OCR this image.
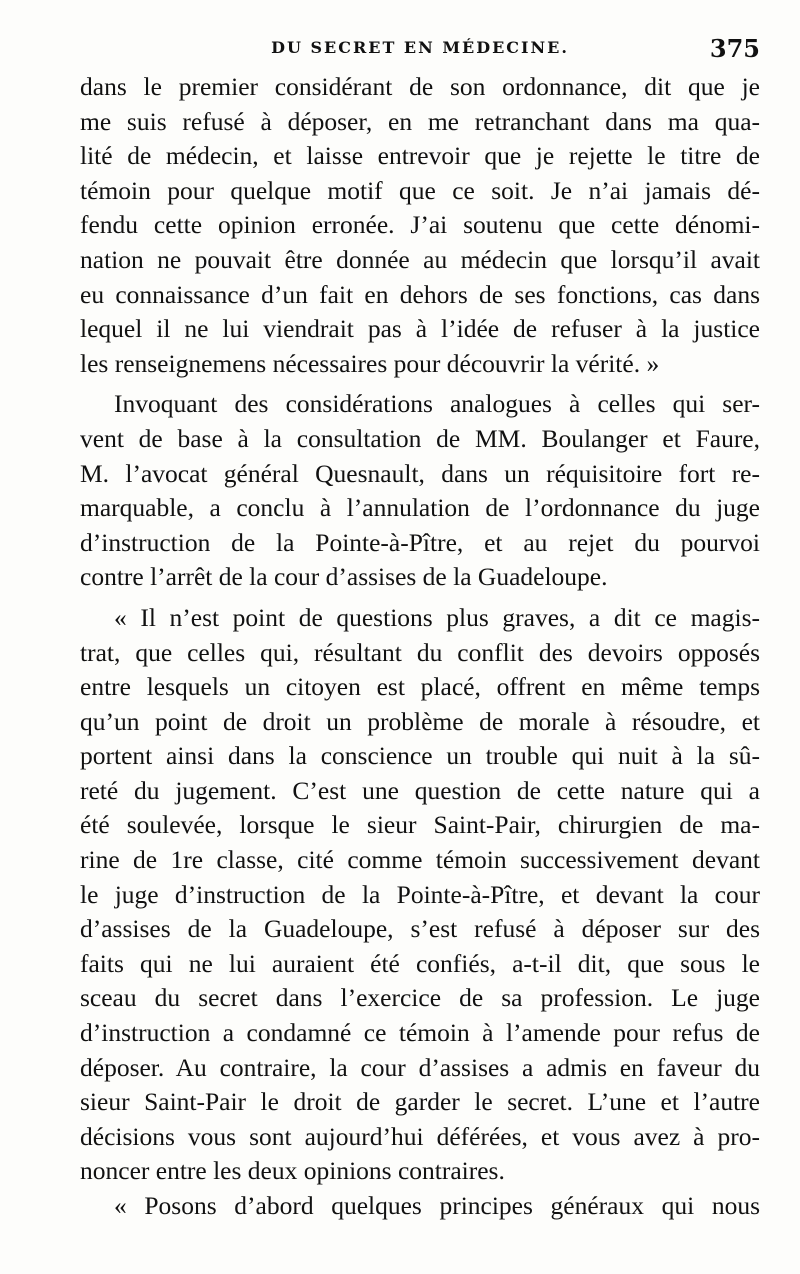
DU SECRET EN MÉDECINE.	375
dans le premier considérant de son ordonnance, dit que je
me suis refusé à déposer, en me retranchant dans ma qua-
lité de médecin, et laisse entrevoir que je rejette le titre de
témoin pour quelque motif que ce soit. Je n’ai jamais dé-
fendu cette opinion erronée. J’ai soutenu que cette dénomi-
nation ne pouvait être donnée au médecin que lorsqu’il avait
eu connaissance d’un fait en dehors de ses fonctions, cas dans
lequel il ne lui viendrait pas à l’idée de refuser à la justice
les renseignemens nécessaires pour découvrir la vérité. »
Invoquant des considérations analogues à celles qui ser-
vent de base à la consultation de MM. Boulanger et Faure,
M. l’avocat général Quesnault, dans un réquisitoire fort re-
marquable, a conclu à l’annulation de l’ordonnance du juge
d’instruction de la Pointe-à-Pître, et au rejet du pourvoi
contre l’arrêt de la cour d’assises de la Guadeloupe.
« Il n’est point de questions plus graves, a dit ce magis-
trat, que celles qui, résultant du conflit des devoirs opposés
entre lesquels un citoyen est placé, offrent en même temps
qu’un point de droit un problème de morale à résoudre, et
portent ainsi dans la conscience un trouble qui nuit à la sû-
reté du jugement. C’est une question de cette nature qui a
été soulevée, lorsque le sieur Saint-Pair, chirurgien de ma-
rine de 1re classe, cité comme témoin successivement devant
le juge d’instruction de la Pointe-à-Pître, et devant la cour
d’assises de la Guadeloupe, s’est refusé à déposer sur des
faits qui ne lui auraient été confiés, a-t-il dit, que sous le
sceau du secret dans l’exercice de sa profession. Le juge
d’instruction a condamné ce témoin à l’amende pour refus de
déposer. Au contraire, la cour d’assises a admis en faveur du
sieur Saint-Pair le droit de garder le secret. L’une et l’autre
décisions vous sont aujourd’hui déférées, et vous avez à pro-
noncer entre les deux opinions contraires.
« Posons d’abord quelques principes généraux qui nous
